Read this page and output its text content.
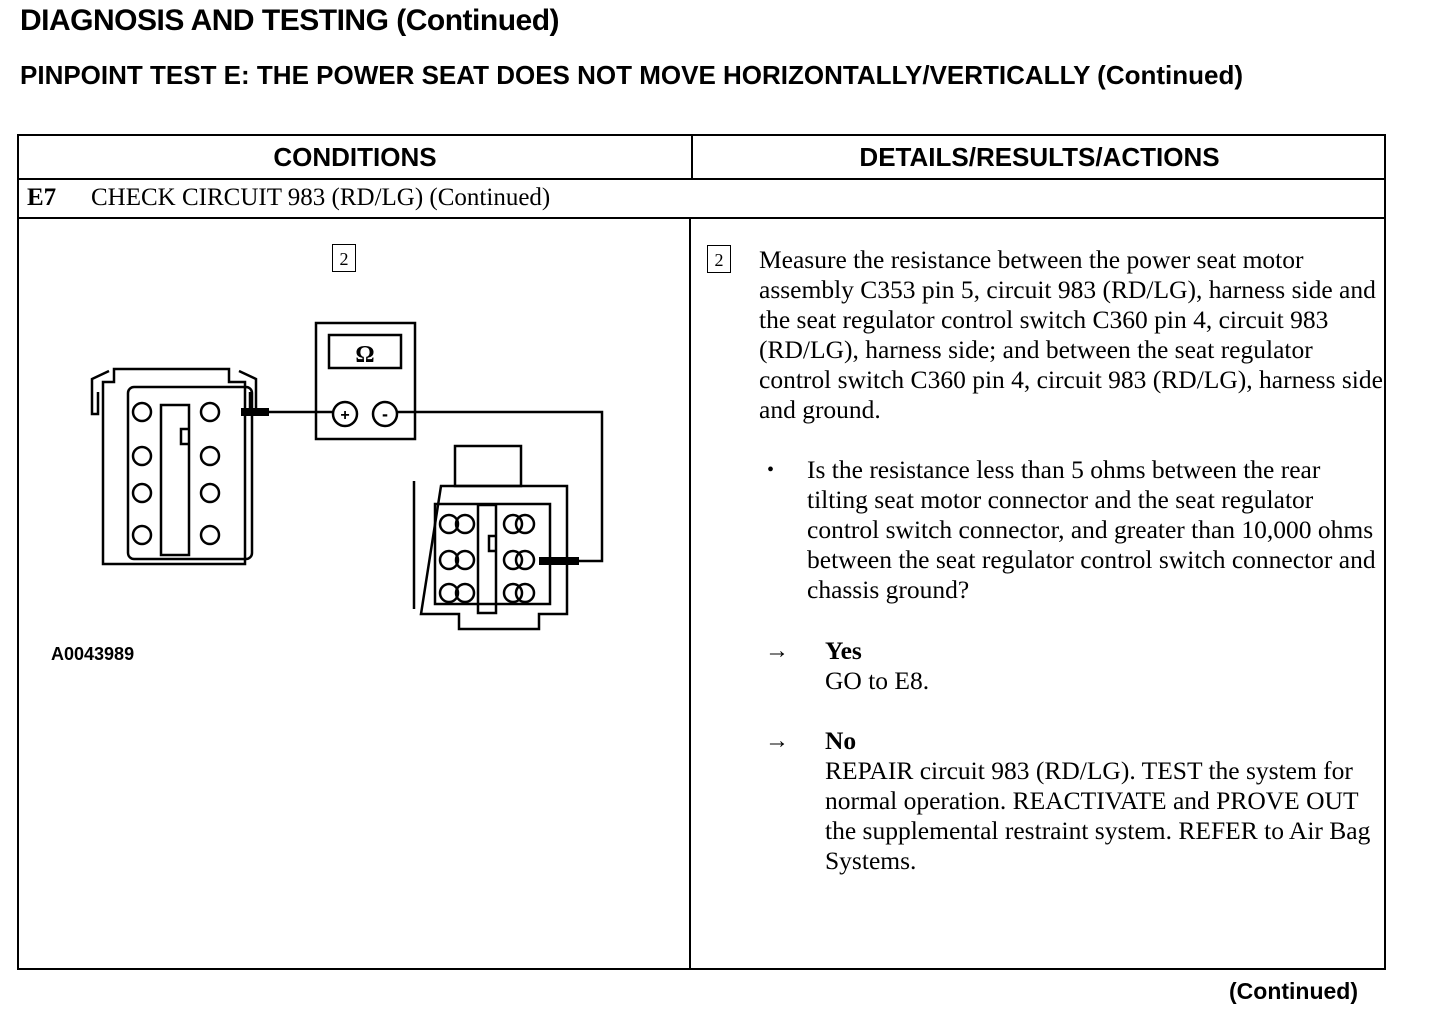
DIAGNOSIS AND TESTING (Continued)
PINPOINT TEST E: THE POWER SEAT DOES NOT MOVE HORIZONTALLY/VERTICALLY (Continued)
CONDITIONS	DETAILS/RESULTS/ACTIONS
E7 CHECK CIRCUIT 983 (RD/LG) (Continued)
2
Ω
+ -
A0043989
2 Measure the resistance between the power seat motor assembly C353 pin 5, circuit 983 (RD/LG), harness side and the seat regulator control switch C360 pin 4, circuit 983 (RD/LG), harness side; and between the seat regulator control switch C360 pin 4, circuit 983 (RD/LG), harness side and ground.

• Is the resistance less than 5 ohms between the rear tilting seat motor connector and the seat regulator control switch connector, and greater than 10,000 ohms between the seat regulator control switch connector and chassis ground?

→ Yes
GO to E8.
→ No
REPAIR circuit 983 (RD/LG). TEST the system for normal operation. REACTIVATE and PROVE OUT the supplemental restraint system. REFER to Air Bag Systems.
(Continued)
